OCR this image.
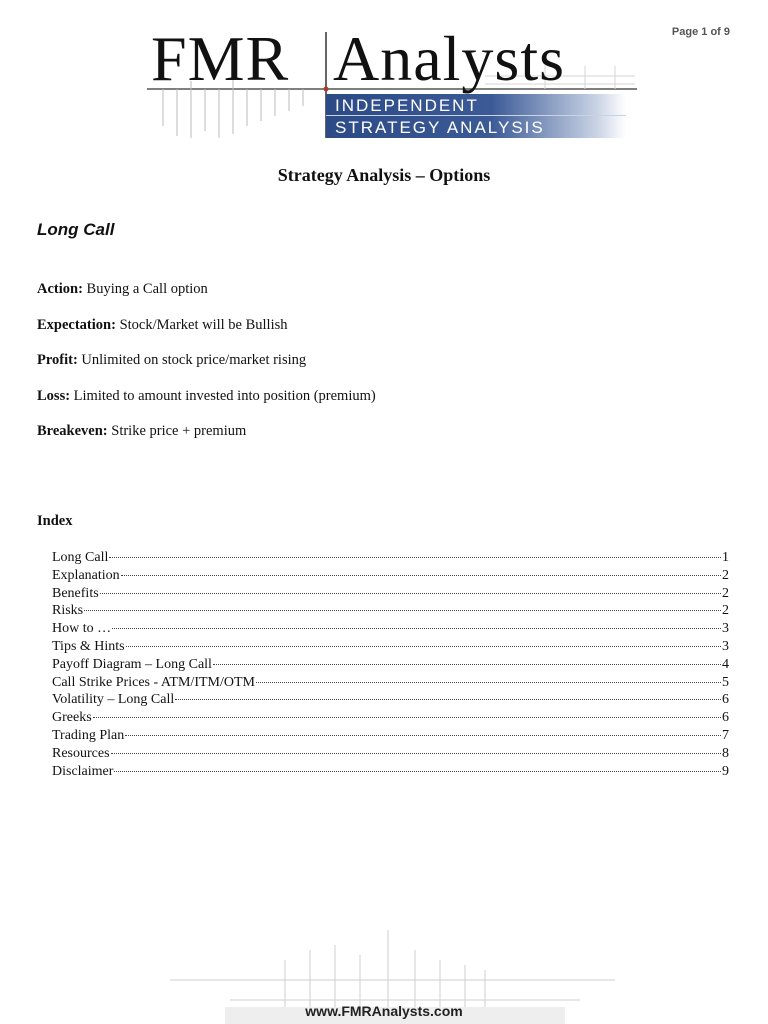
Page 1 of 9
FMR Analysts
INDEPENDENT
STRATEGY ANALYSIS
Strategy Analysis – Options
Long Call
Action: Buying a Call option
Expectation: Stock/Market will be Bullish
Profit: Unlimited on stock price/market rising
Loss: Limited to amount invested into position (premium)
Breakeven: Strike price + premium
Index
Long Call	1
Explanation	2
Benefits	2
Risks	2
How to …	3
Tips & Hints	3
Payoff Diagram – Long Call	4
Call Strike Prices - ATM/ITM/OTM	5
Volatility – Long Call	6
Greeks	6
Trading Plan	7
Resources	8
Disclaimer	9
www.FMRAnalysts.com
